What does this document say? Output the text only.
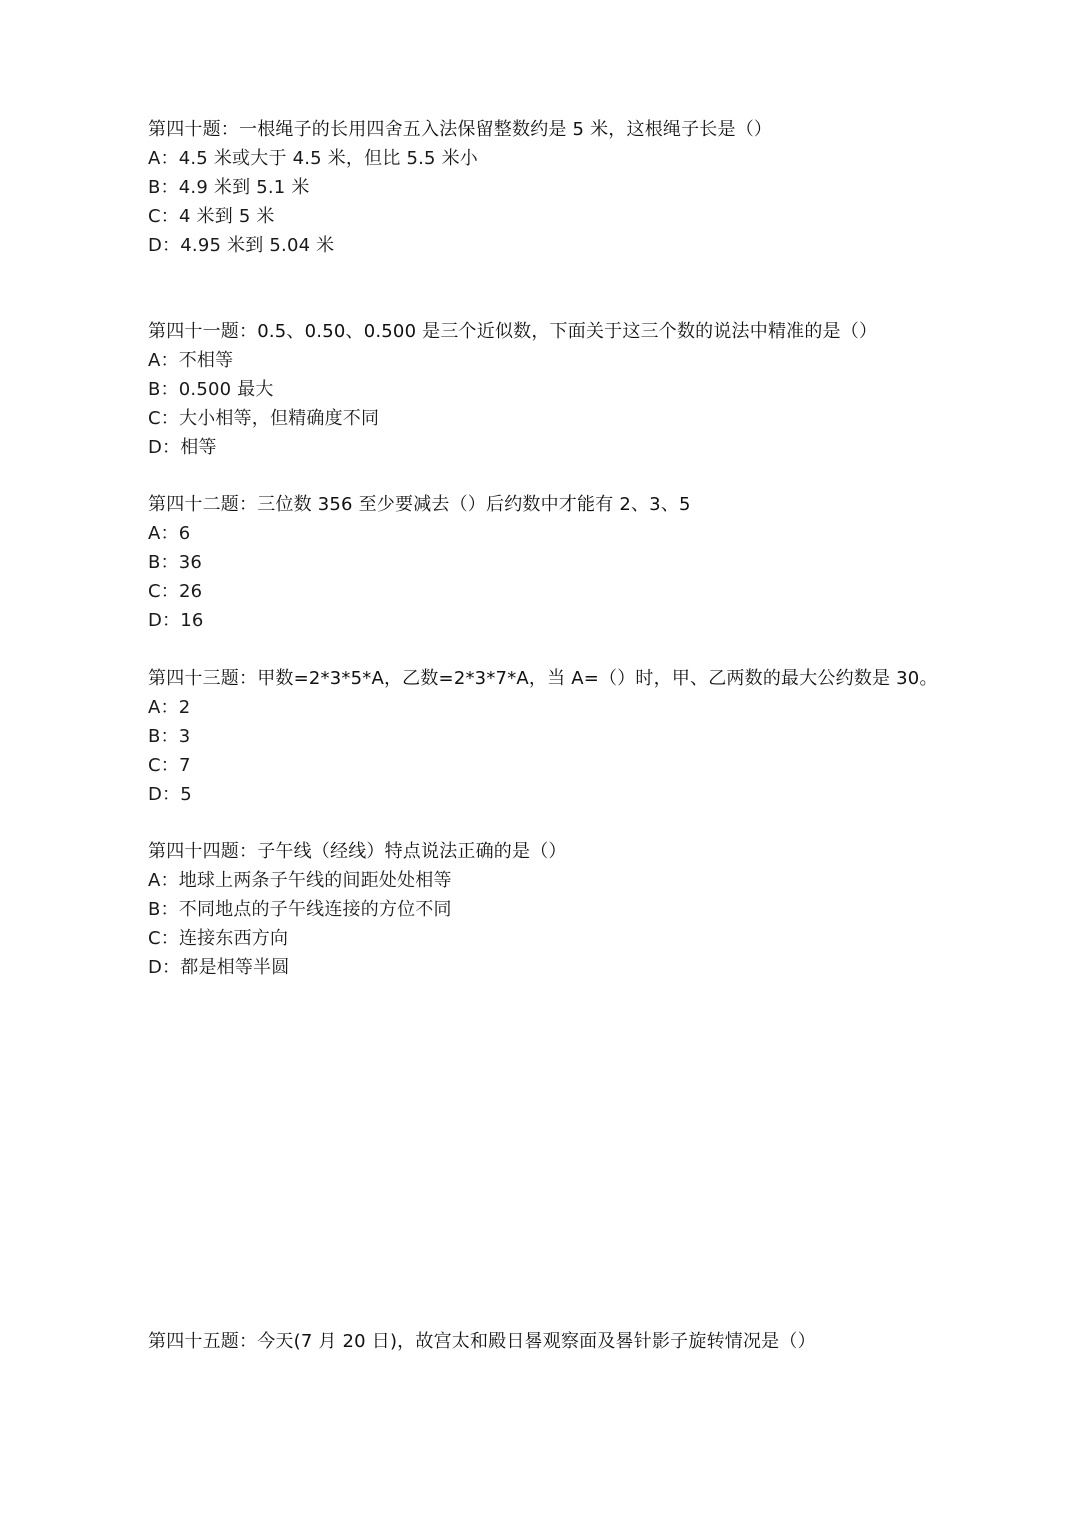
第四十题：一根绳子的长用四舍五入法保留整数约是 5 米，这根绳子长是（）
A：4.5 米或大于 4.5 米，但比 5.5 米小
B：4.9 米到 5.1 米
C：4 米到 5 米
D：4.95 米到 5.04 米
第四十一题：0.5、0.50、0.500 是三个近似数，下面关于这三个数的说法中精准的是（）
A：不相等
B：0.500 最大
C：大小相等，但精确度不同
D：相等
第四十二题：三位数 356 至少要减去（）后约数中才能有 2、3、5
A：6
B：36
C：26
D：16
第四十三题：甲数=2*3*5*A，乙数=2*3*7*A，当 A=（）时，甲、乙两数的最大公约数是 30。
A：2
B：3
C：7
D：5
第四十四题：子午线（经线）特点说法正确的是（）
A：地球上两条子午线的间距处处相等
B：不同地点的子午线连接的方位不同
C：连接东西方向
D：都是相等半圆
第四十五题：今天(7 月 20 日)，故宫太和殿日晷观察面及晷针影子旋转情况是（）
